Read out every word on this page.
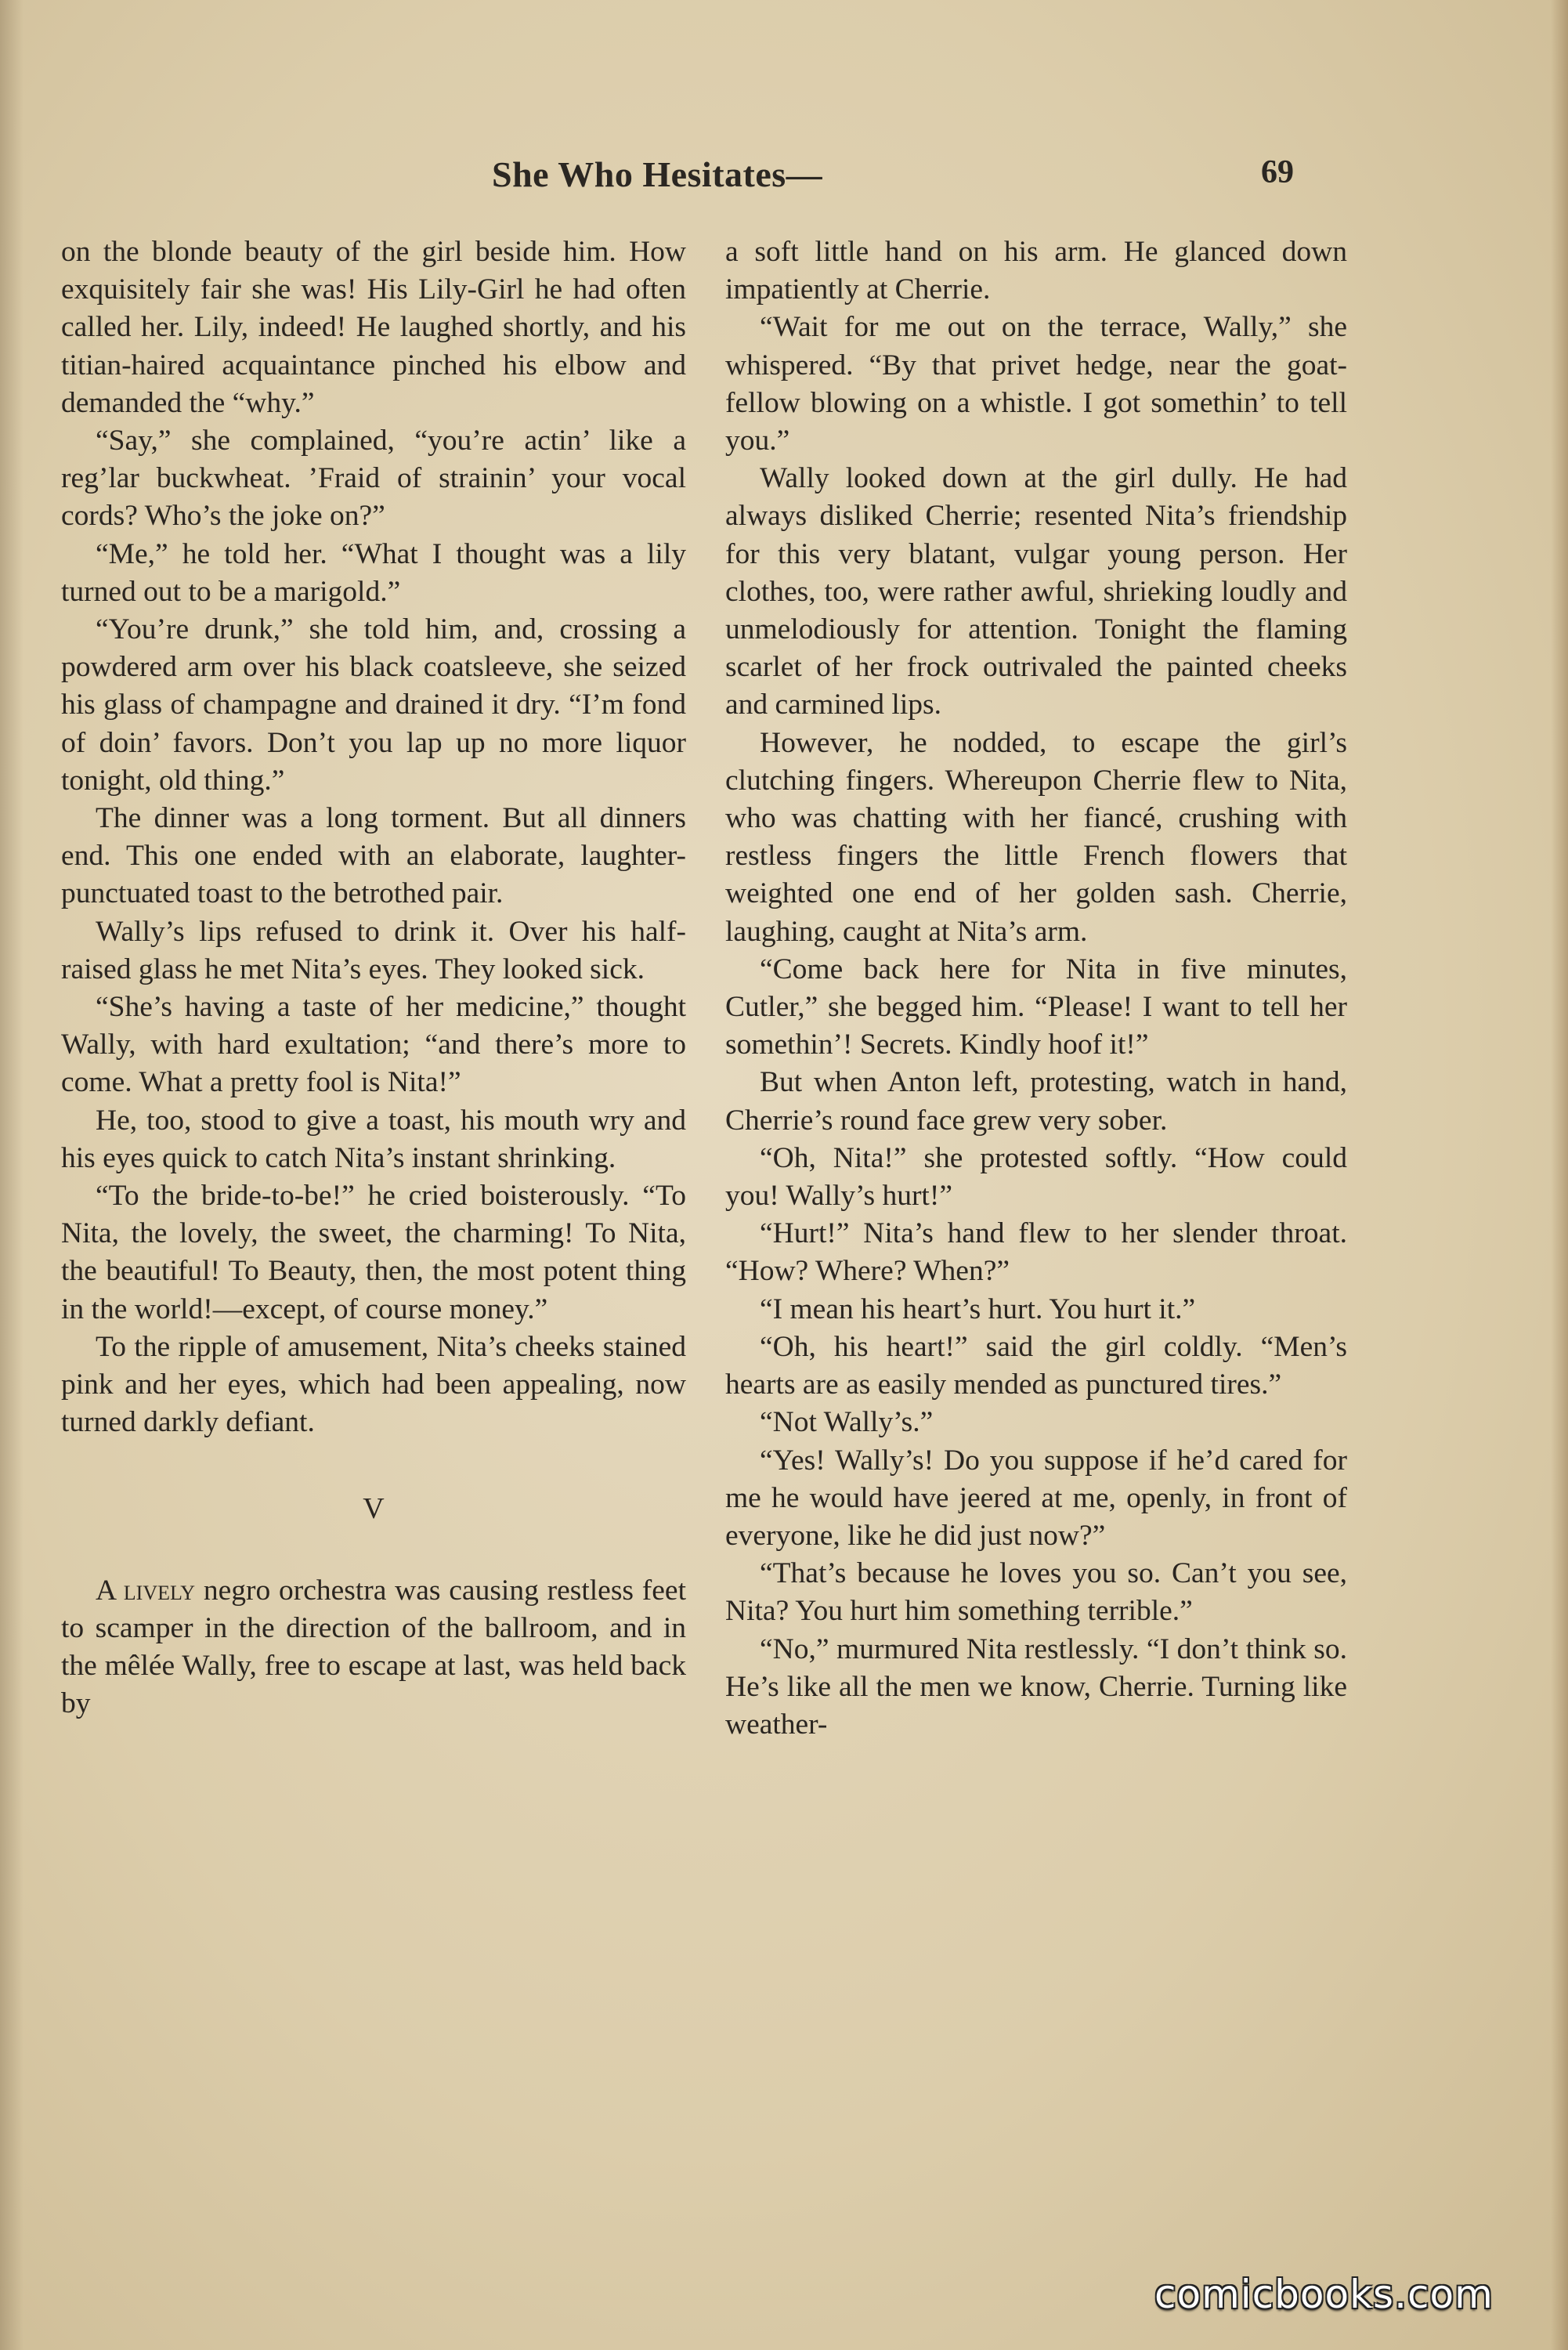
She Who Hesitates—	69

on the blonde beauty of the girl beside him. How exquisitely fair she was! His Lily-Girl he had often called her. Lily, indeed! He laughed shortly, and his titian-haired acquaintance pinched his elbow and demanded the “why.”

“Say,” she complained, “you’re actin’ like a reg’lar buckwheat. ’Fraid of strainin’ your vocal cords? Who’s the joke on?”

“Me,” he told her. “What I thought was a lily turned out to be a marigold.”

“You’re drunk,” she told him, and, crossing a powdered arm over his black coatsleeve, she seized his glass of champagne and drained it dry. “I’m fond of doin’ favors. Don’t you lap up no more liquor tonight, old thing.”

The dinner was a long torment. But all dinners end. This one ended with an elaborate, laughter-punctuated toast to the betrothed pair.

Wally’s lips refused to drink it. Over his half-raised glass he met Nita’s eyes. They looked sick.

“She’s having a taste of her medicine,” thought Wally, with hard exultation; “and there’s more to come. What a pretty fool is Nita!”

He, too, stood to give a toast, his mouth wry and his eyes quick to catch Nita’s instant shrinking.

“To the bride-to-be!” he cried boisterously. “To Nita, the lovely, the sweet, the charming! To Nita, the beautiful! To Beauty, then, the most potent thing in the world!—except, of course money.”

To the ripple of amusement, Nita’s cheeks stained pink and her eyes, which had been appealing, now turned darkly defiant.

V

A lively negro orchestra was causing restless feet to scamper in the direction of the ballroom, and in the mêlée Wally, free to escape at last, was held back by

a soft little hand on his arm. He glanced down impatiently at Cherrie.

“Wait for me out on the terrace, Wally,” she whispered. “By that privet hedge, near the goat-fellow blowing on a whistle. I got somethin’ to tell you.”

Wally looked down at the girl dully. He had always disliked Cherrie; resented Nita’s friendship for this very blatant, vulgar young person. Her clothes, too, were rather awful, shrieking loudly and unmelodiously for attention. Tonight the flaming scarlet of her frock outrivaled the painted cheeks and carmined lips.

However, he nodded, to escape the girl’s clutching fingers. Whereupon Cherrie flew to Nita, who was chatting with her fiancé, crushing with restless fingers the little French flowers that weighted one end of her golden sash. Cherrie, laughing, caught at Nita’s arm.

“Come back here for Nita in five minutes, Cutler,” she begged him. “Please! I want to tell her somethin’! Secrets. Kindly hoof it!”

But when Anton left, protesting, watch in hand, Cherrie’s round face grew very sober.

“Oh, Nita!” she protested softly. “How could you! Wally’s hurt!”

“Hurt!” Nita’s hand flew to her slender throat. “How? Where? When?”

“I mean his heart’s hurt. You hurt it.”

“Oh, his heart!” said the girl coldly. “Men’s hearts are as easily mended as punctured tires.”

“Not Wally’s.”

“Yes! Wally’s! Do you suppose if he’d cared for me he would have jeered at me, openly, in front of everyone, like he did just now?”

“That’s because he loves you so. Can’t you see, Nita? You hurt him something terrible.”

“No,” murmured Nita restlessly. “I don’t think so. He’s like all the men we know, Cherrie. Turning like weather-

comicbooks.com
